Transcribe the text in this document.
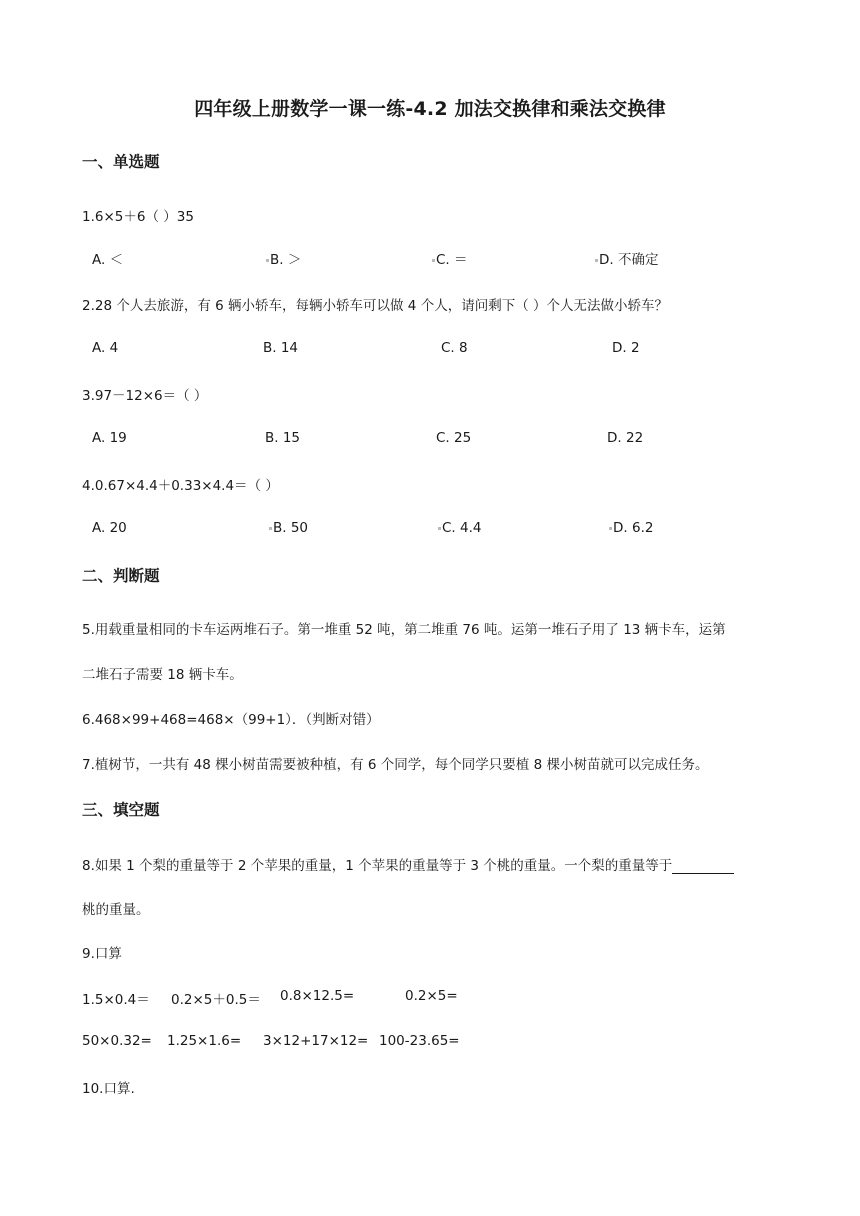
四年级上册数学一课一练-4.2 加法交换律和乘法交换律
一、单选题
1.6×5＋6（ ）35
A. ＜	B. ＞	C. ＝	D. 不确定
2.28 个人去旅游，有 6 辆小轿车，每辆小轿车可以做 4 个人，请问剩下（ ）个人无法做小轿车？
A. 4	B. 14	C. 8	D. 2
3.97－12×6＝（ ）
A. 19	B. 15	C. 25	D. 22
4.0.67×4.4＋0.33×4.4＝（ ）
A. 20	B. 50	C. 4.4	D. 6.2
二、判断题
5.用载重量相同的卡车运两堆石子。第一堆重 52 吨，第二堆重 76 吨。运第一堆石子用了 13 辆卡车，运第
二堆石子需要 18 辆卡车。
6.468×99+468=468×（99+1）．（判断对错）
7.植树节，一共有 48 棵小树苗需要被种植，有 6 个同学，每个同学只要植 8 棵小树苗就可以完成任务。
三、填空题
8.如果 1 个梨的重量等于 2 个苹果的重量，1 个苹果的重量等于 3 个桃的重量。一个梨的重量等于
桃的重量。
9.口算
1.5×0.4＝ 0.2×5＋0.5＝ 0.8×12.5=	0.2×5=
50×0.32= 1.25×1.6= 3×12+17×12= 100-23.65=
10.口算.
